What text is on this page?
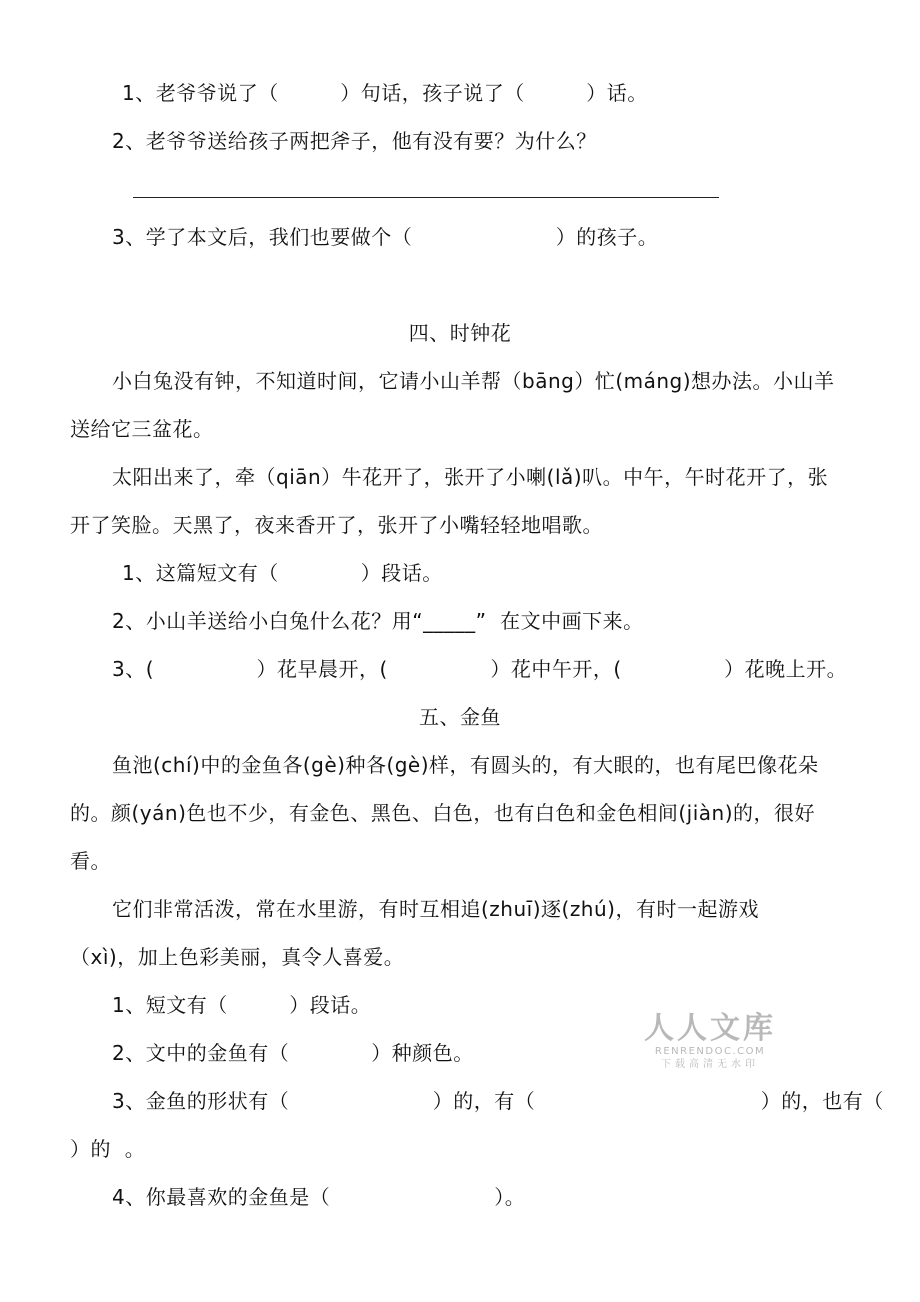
1、老爷爷说了（　　　）句话，孩子说了（　　　）话。
2、老爷爷送给孩子两把斧子，他有没有要？为什么？
3、学了本文后，我们也要做个（　　　　　　　）的孩子。
四、时钟花
小白兔没有钟，不知道时间，它请小山羊帮（bāng）忙(máng)想办法。小山羊
送给它三盆花。
太阳出来了，牵（qiān）牛花开了，张开了小喇(lǎ)叭。中午，午时花开了，张
开了笑脸。天黑了，夜来香开了，张开了小嘴轻轻地唱歌。
1、这篇短文有（　　　　）段话。
2、小山羊送给小白兔什么花？用“_____”  在文中画下来。
3、(　　　　　）花早晨开，(　　　　　）花中午开，(　　　　　）花晚上开。
五、金鱼
鱼池(chí)中的金鱼各(gè)种各(gè)样，有圆头的，有大眼的，也有尾巴像花朵
的。颜(yán)色也不少，有金色、黑色、白色，也有白色和金色相间(jiàn)的，很好
看。
它们非常活泼，常在水里游，有时互相追(zhuī)逐(zhú)，有时一起游戏
（xì)，加上色彩美丽，真令人喜爱。
1、短文有（　　　）段话。
2、文中的金鱼有（　　　　）种颜色。
3、金鱼的形状有（　　　　　　　）的，有（　　　　　　　　　　　）的，也有（
）的  。
4、你最喜欢的金鱼是（　　　　　　　　）。
人人文库
RENRENDOC.COM
下载高清无水印
